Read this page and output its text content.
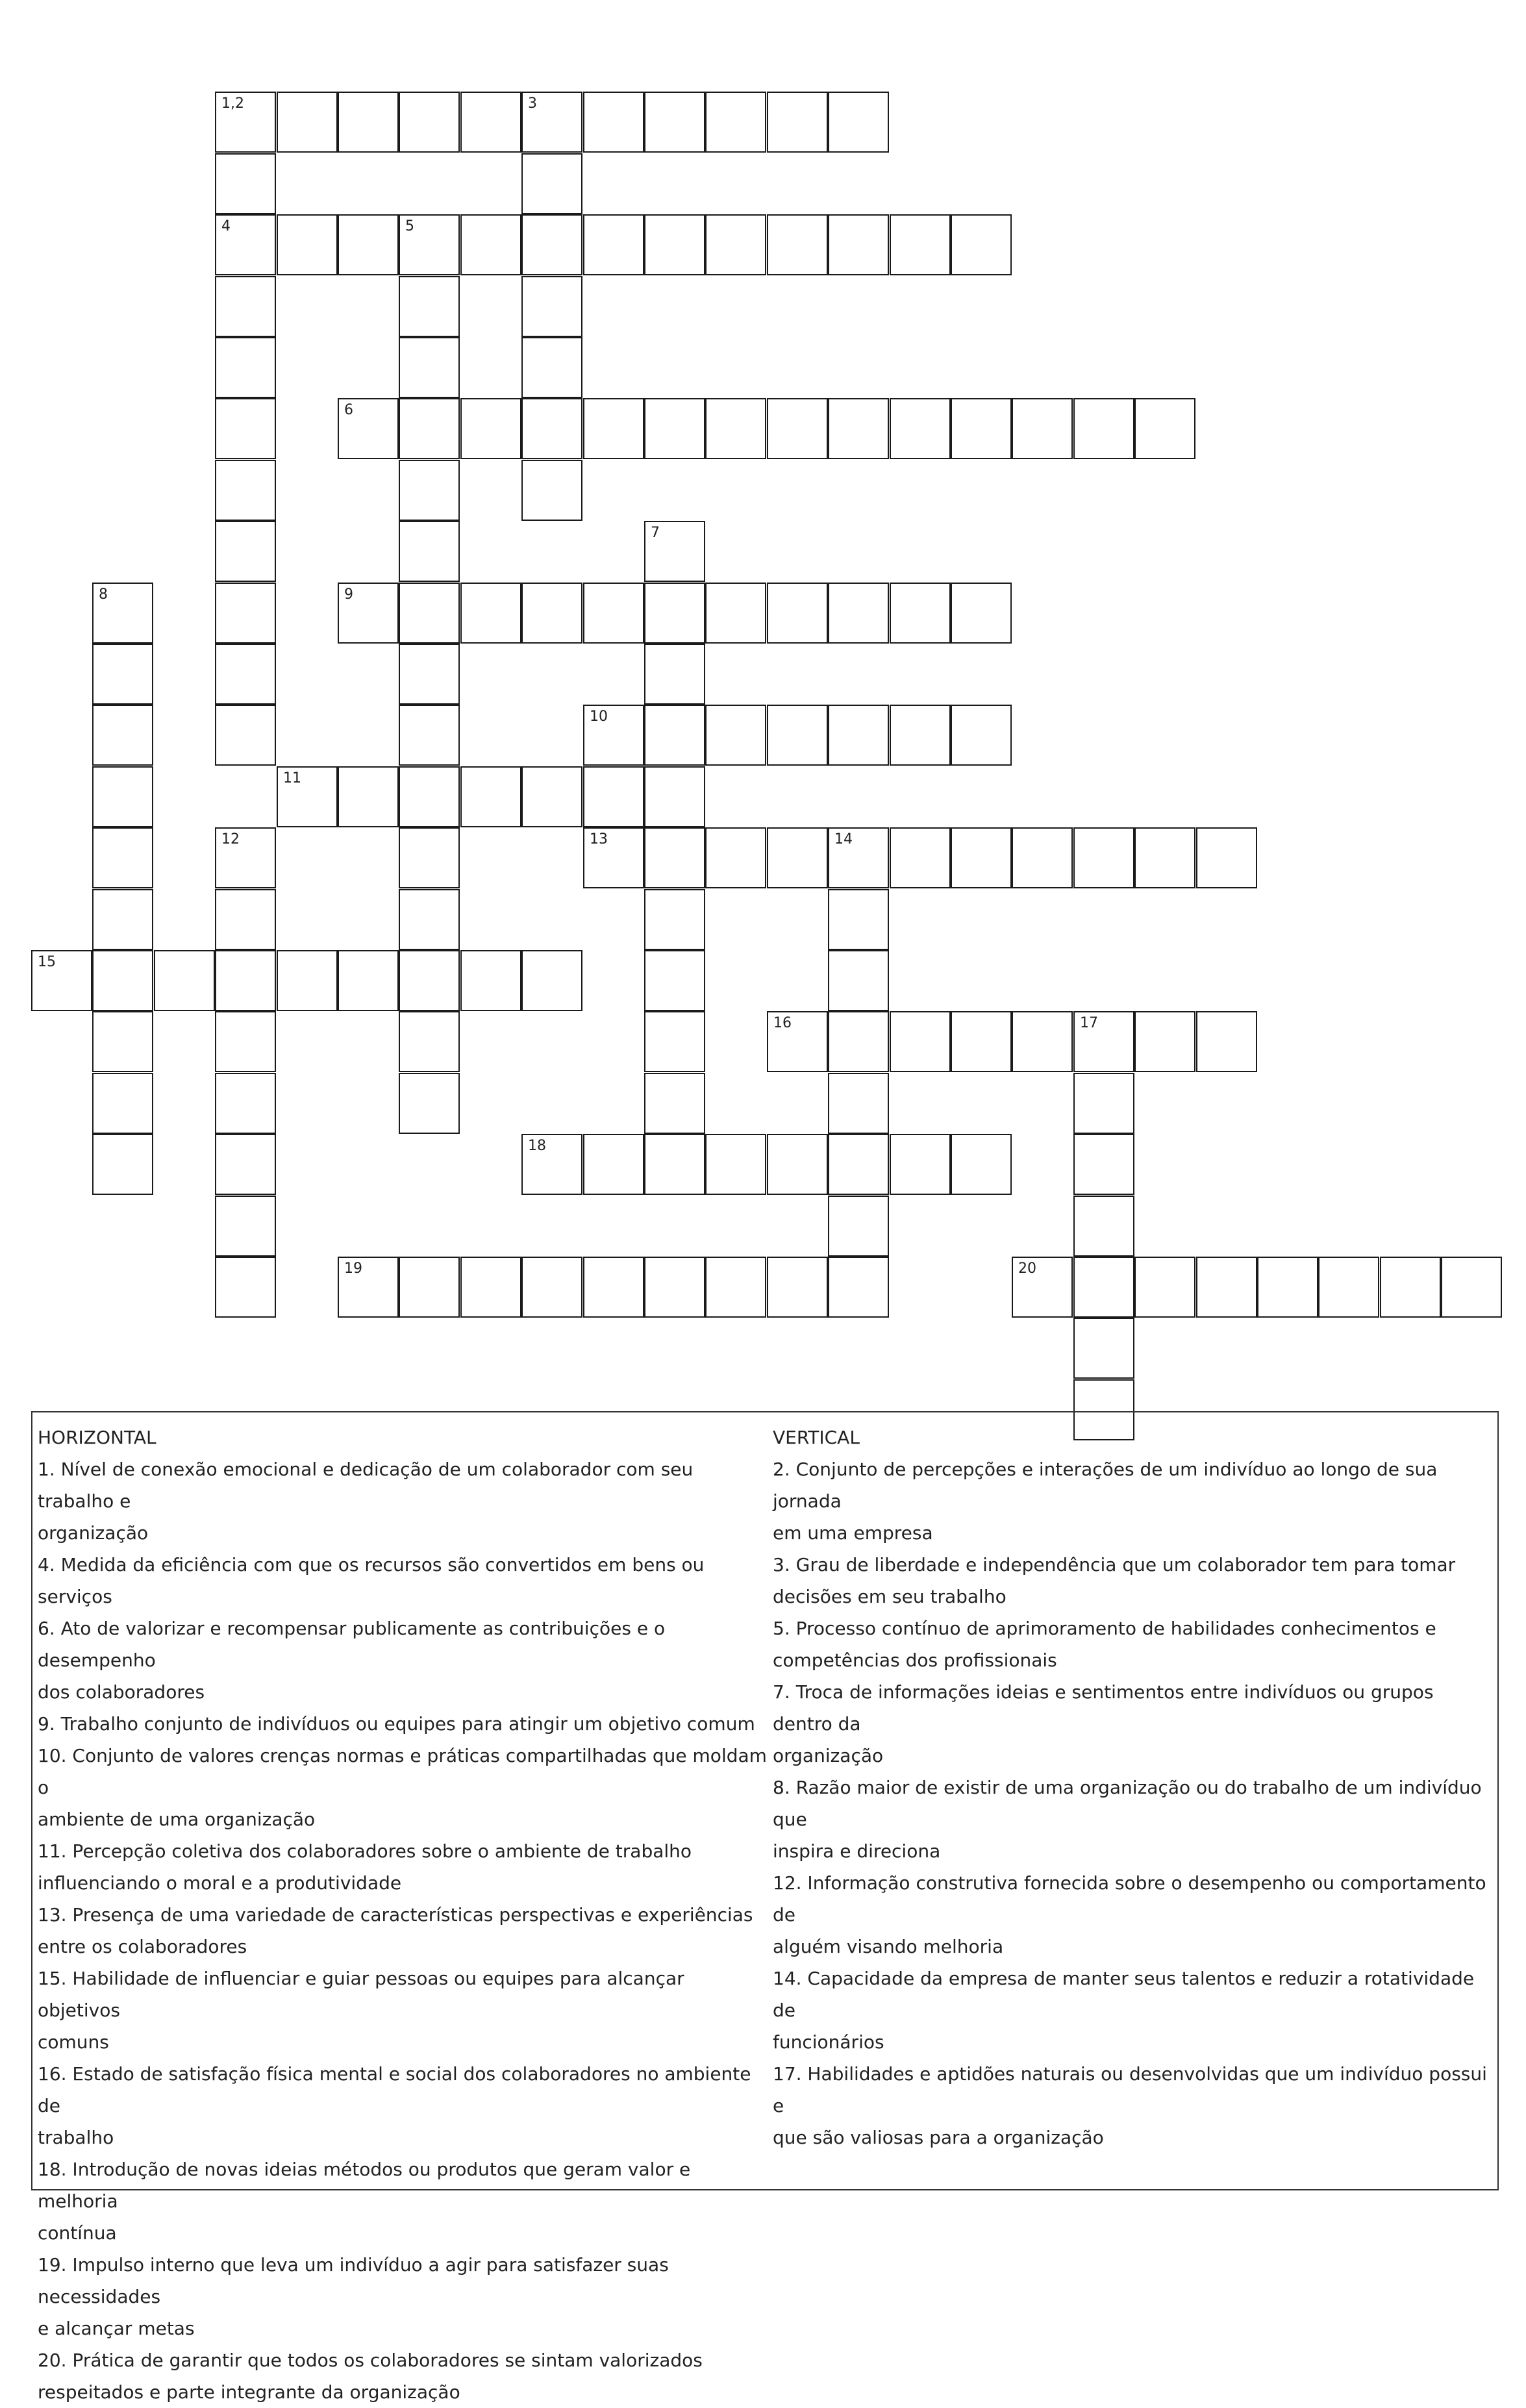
1,2	3
4	5
6
9
10
11
13	14
15
16	17
18
19	20
7
8
12
HORIZONTAL
1. Nível de conexão emocional e dedicação de um colaborador com seu trabalho e
organização
4. Medida da eficiência com que os recursos são convertidos em bens ou serviços
6. Ato de valorizar e recompensar publicamente as contribuições e o desempenho
dos colaboradores
9. Trabalho conjunto de indivíduos ou equipes para atingir um objetivo comum
10. Conjunto de valores crenças normas e práticas compartilhadas que moldam o
ambiente de uma organização
11. Percepção coletiva dos colaboradores sobre o ambiente de trabalho
influenciando o moral e a produtividade
13. Presença de uma variedade de características perspectivas e experiências
entre os colaboradores
15. Habilidade de influenciar e guiar pessoas ou equipes para alcançar objetivos
comuns
16. Estado de satisfação física mental e social dos colaboradores no ambiente de
trabalho
18. Introdução de novas ideias métodos ou produtos que geram valor e melhoria
contínua
19. Impulso interno que leva um indivíduo a agir para satisfazer suas necessidades
e alcançar metas
20. Prática de garantir que todos os colaboradores se sintam valorizados
respeitados e parte integrante da organização
VERTICAL
2. Conjunto de percepções e interações de um indivíduo ao longo de sua jornada
em uma empresa
3. Grau de liberdade e independência que um colaborador tem para tomar
decisões em seu trabalho
5. Processo contínuo de aprimoramento de habilidades conhecimentos e
competências dos profissionais
7. Troca de informações ideias e sentimentos entre indivíduos ou grupos dentro da
organização
8. Razão maior de existir de uma organização ou do trabalho de um indivíduo que
inspira e direciona
12. Informação construtiva fornecida sobre o desempenho ou comportamento de
alguém visando melhoria
14. Capacidade da empresa de manter seus talentos e reduzir a rotatividade de
funcionários
17. Habilidades e aptidões naturais ou desenvolvidas que um indivíduo possui e
que são valiosas para a organização
